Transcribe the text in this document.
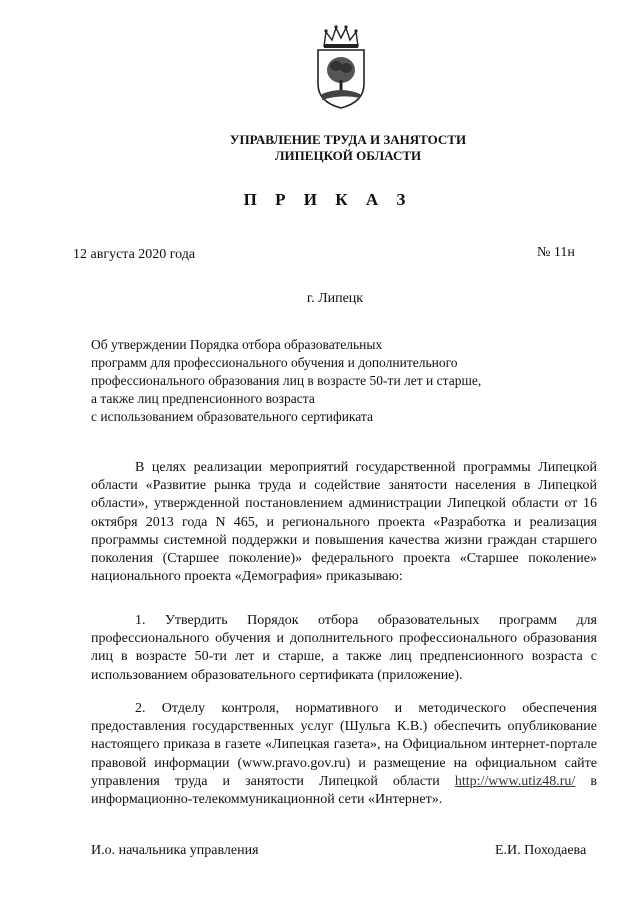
УПРАВЛЕНИЕ ТРУДА И ЗАНЯТОСТИ
ЛИПЕЦКОЙ ОБЛАСТИ
П Р И К А З
12 августа 2020 года	№ 11н
г. Липецк
Об утверждении Порядка отбора образовательных
программ для профессионального обучения и дополнительного
профессионального образования лиц в возрасте 50-ти лет и старше,
а также лиц предпенсионного возраста
с использованием образовательного сертификата
В целях реализации мероприятий государственной программы Липецкой области «Развитие рынка труда и содействие занятости населения в Липецкой области», утвержденной постановлением администрации Липецкой области от 16 октября 2013 года N 465, и регионального проекта «Разработка и реализация программы системной поддержки и повышения качества жизни граждан старшего поколения (Старшее поколение)» федерального проекта «Старшее поколение» национального проекта «Демография» приказываю:
1. Утвердить Порядок отбора образовательных программ для профессионального обучения и дополнительного профессионального образования лиц в возрасте 50-ти лет и старше, а также лиц предпенсионного возраста с использованием образовательного сертификата (приложение).
2. Отделу контроля, нормативного и методического обеспечения предоставления государственных услуг (Шульга К.В.) обеспечить опубликование настоящего приказа в газете «Липецкая газета», на Официальном интернет-портале правовой информации (www.pravo.gov.ru) и размещение на официальном сайте управления труда и занятости Липецкой области http://www.utiz48.ru/ в информационно-телекоммуникационной сети «Интернет».
И.о. начальника управления	Е.И. Походаева
